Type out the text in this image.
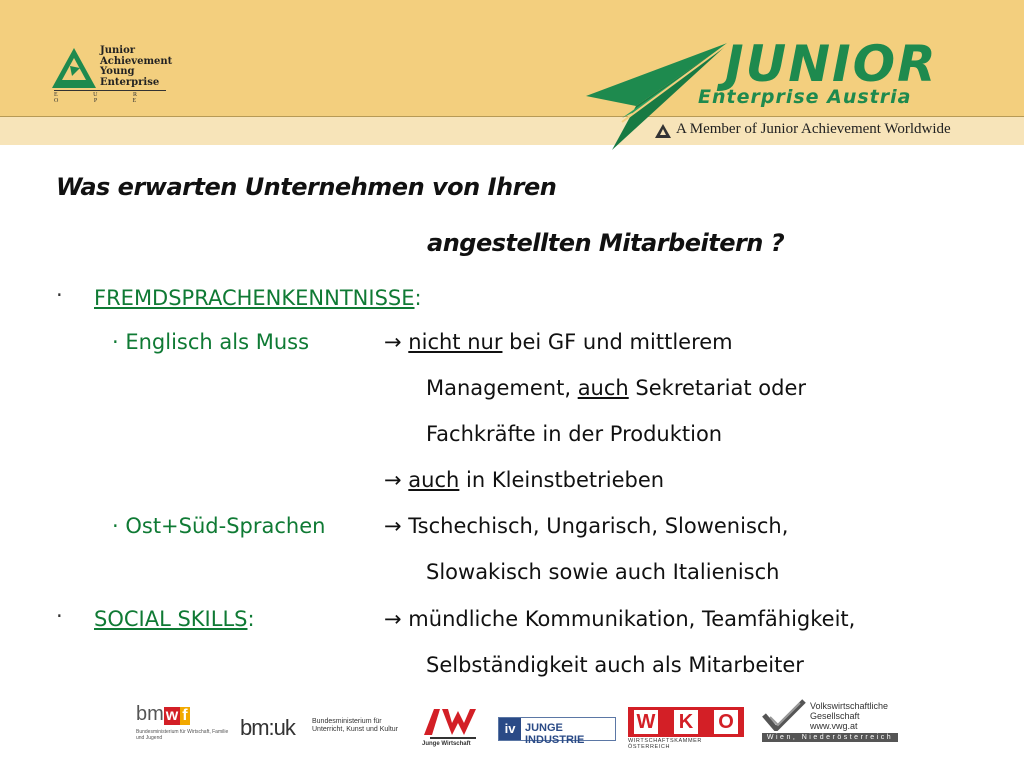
Junior
Achievement
Young
Enterprise
E U R O P E
JUNIOR
Enterprise Austria
A Member of Junior Achievement Worldwide
Was erwarten Unternehmen von Ihren
angestellten Mitarbeitern ?
· FREMDSPRACHENKENNTNISSE:
· Englisch als Muss	→ nicht nur bei GF und mittlerem
Management, auch Sekretariat oder
Fachkräfte in der Produktion
→ auch in Kleinstbetrieben
· Ost+Süd-Sprachen	→ Tschechisch, Ungarisch, Slowenisch,
Slowakisch sowie auch Italienisch
· SOCIAL SKILLS:	→ mündliche Kommunikation, Teamfähigkeit,
Selbständigkeit auch als Mitarbeiter
bm w f
Bundesministerium für Wirtschaft, Familie und Jugend	bm:uk Bundesministerium für
Unterricht, Kunst und Kultur
Junge Wirtschaft
iv JUNGE INDUSTRIE
W K O
WIRTSCHAFTSKAMMER ÖSTERREICH
Volkswirtschaftliche
Gesellschaft
www.vwg.at
Wien, Niederösterreich
